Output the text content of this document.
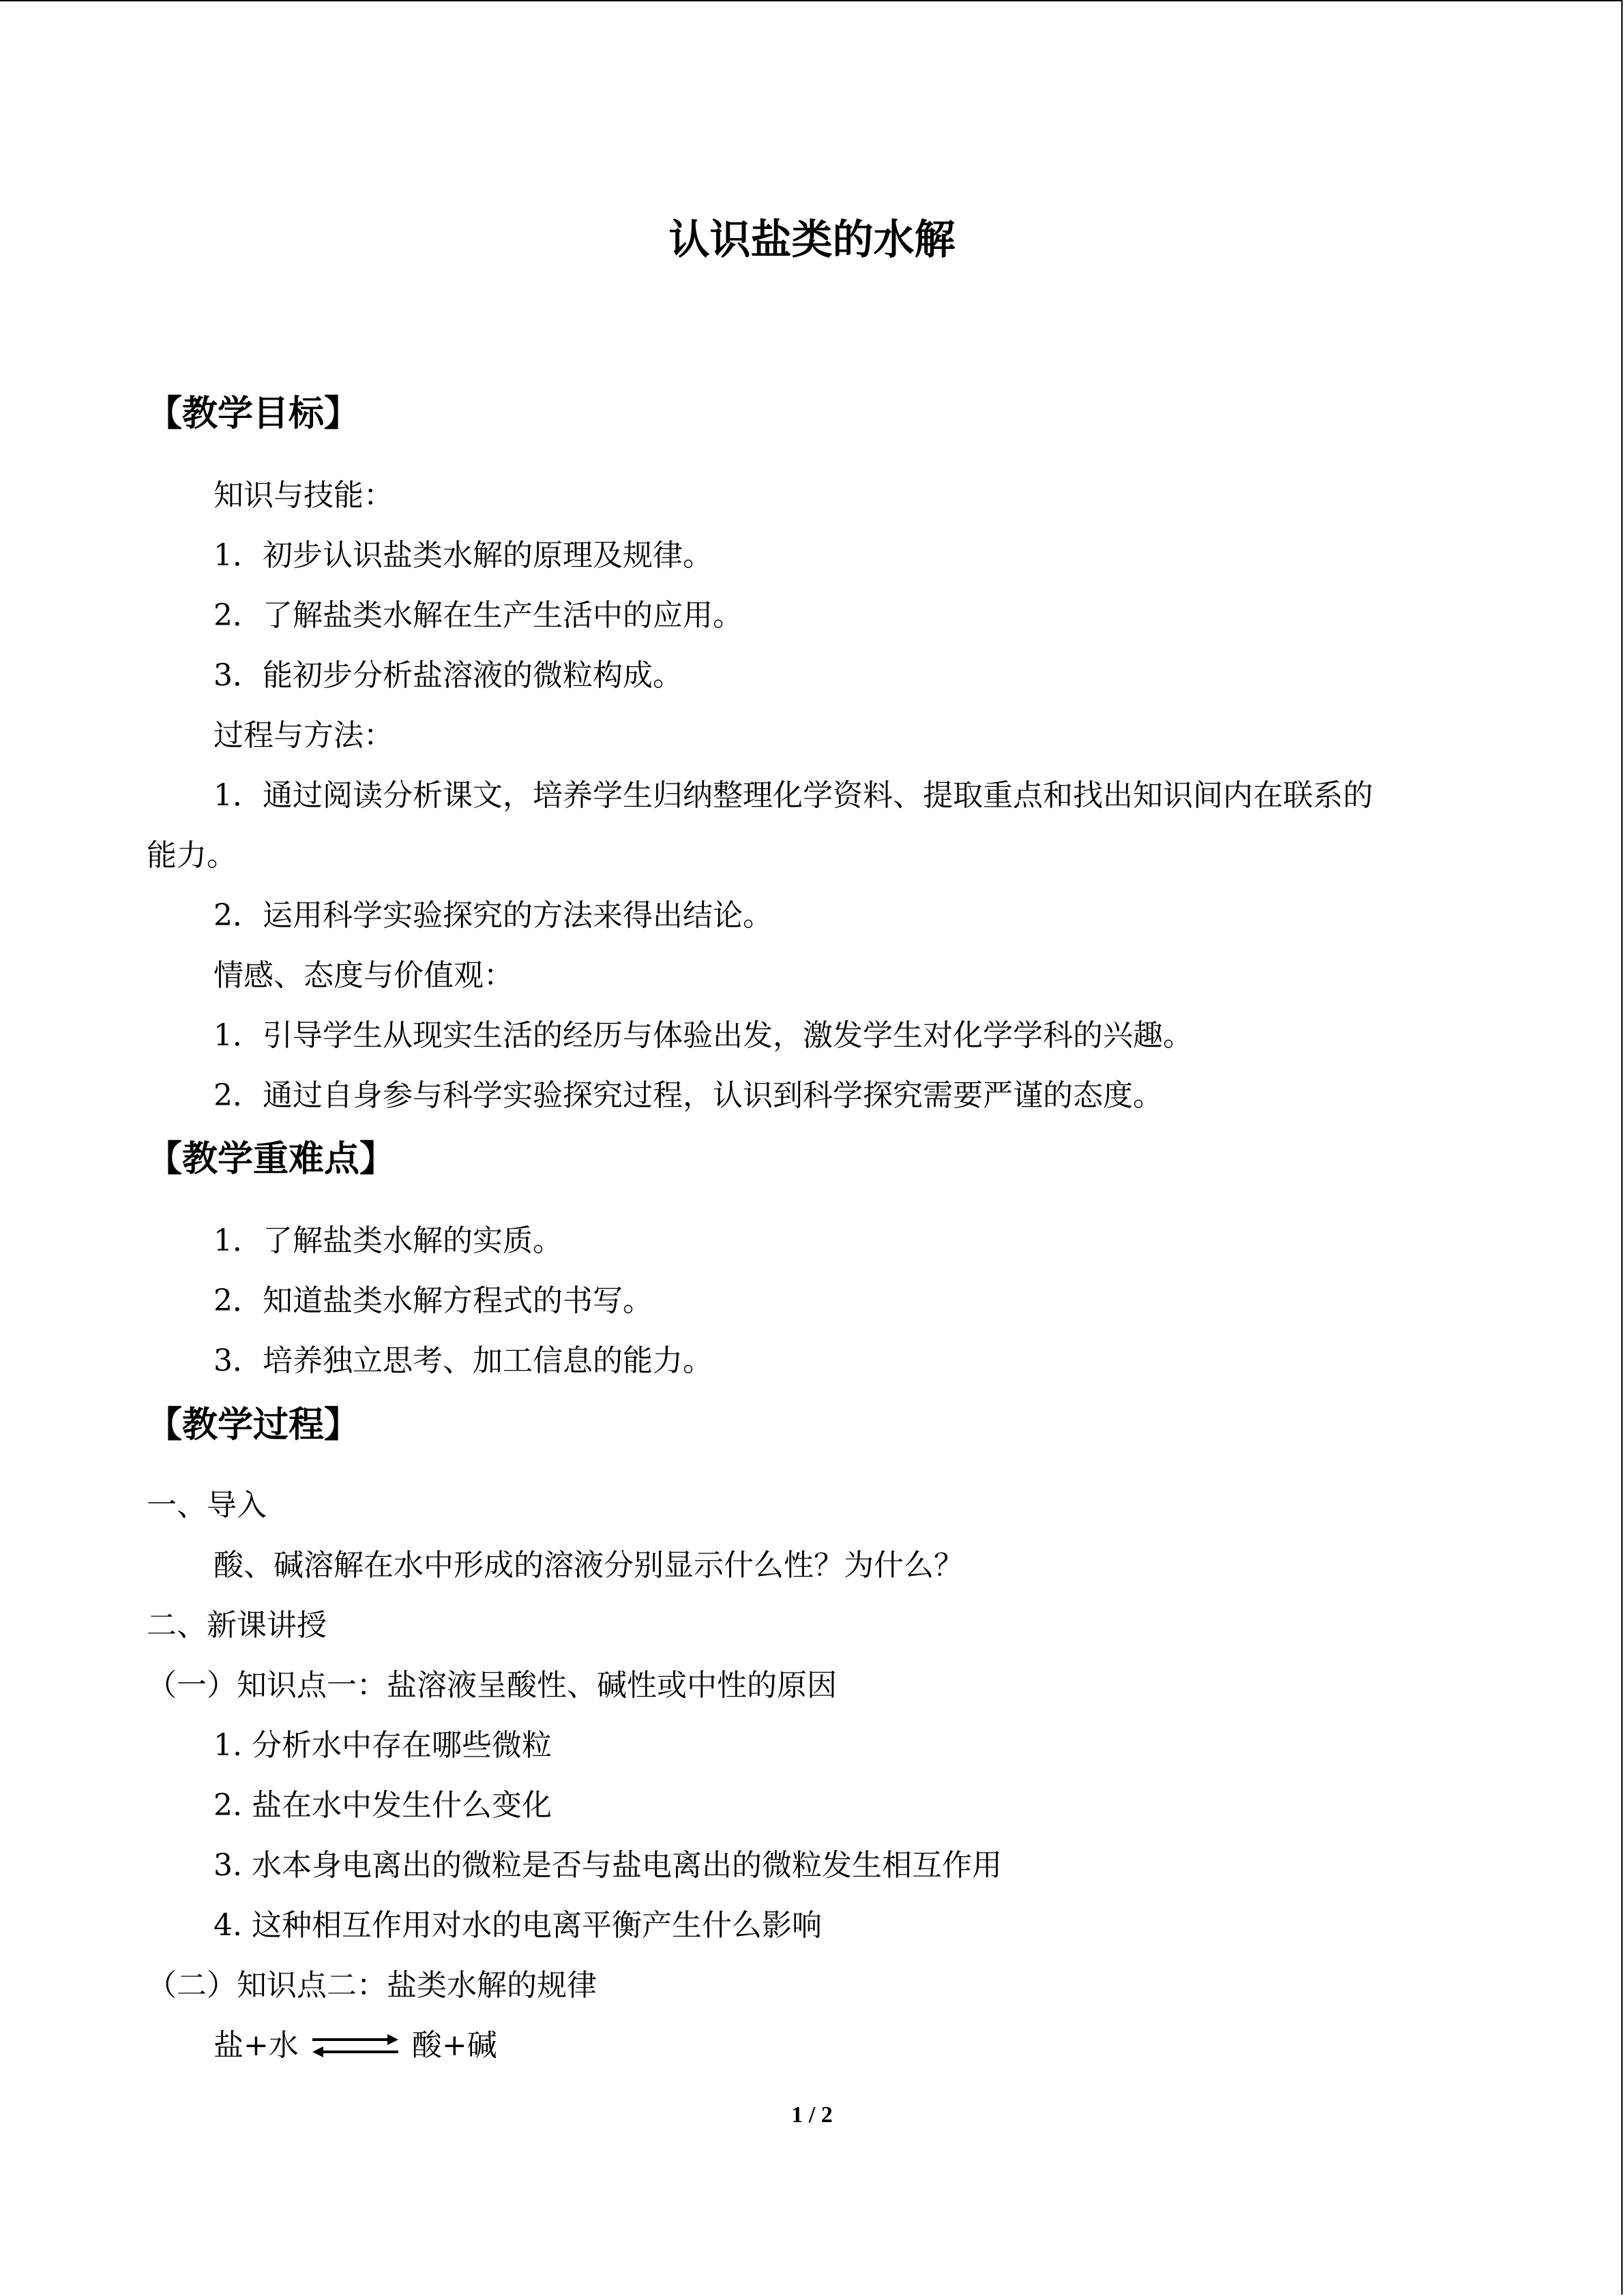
认识盐类的水解
【教学目标】
知识与技能：
1．初步认识盐类水解的原理及规律。
2．了解盐类水解在生产生活中的应用。
3．能初步分析盐溶液的微粒构成。
过程与方法：
1．通过阅读分析课文，培养学生归纳整理化学资料、提取重点和找出知识间内在联系的
能力。
2．运用科学实验探究的方法来得出结论。
情感、态度与价值观：
1．引导学生从现实生活的经历与体验出发，激发学生对化学学科的兴趣。
2．通过自身参与科学实验探究过程，认识到科学探究需要严谨的态度。
【教学重难点】
1．了解盐类水解的实质。
2．知道盐类水解方程式的书写。
3．培养独立思考、加工信息的能力。
【教学过程】
一、导入
酸、碱溶解在水中形成的溶液分别显示什么性？为什么？
二、新课讲授
（一）知识点一：盐溶液呈酸性、碱性或中性的原因
1. 分析水中存在哪些微粒
2. 盐在水中发生什么变化
3. 水本身电离出的微粒是否与盐电离出的微粒发生相互作用
4. 这种相互作用对水的电离平衡产生什么影响
（二）知识点二：盐类水解的规律
盐+水 ⇌ 酸+碱
1 / 2
